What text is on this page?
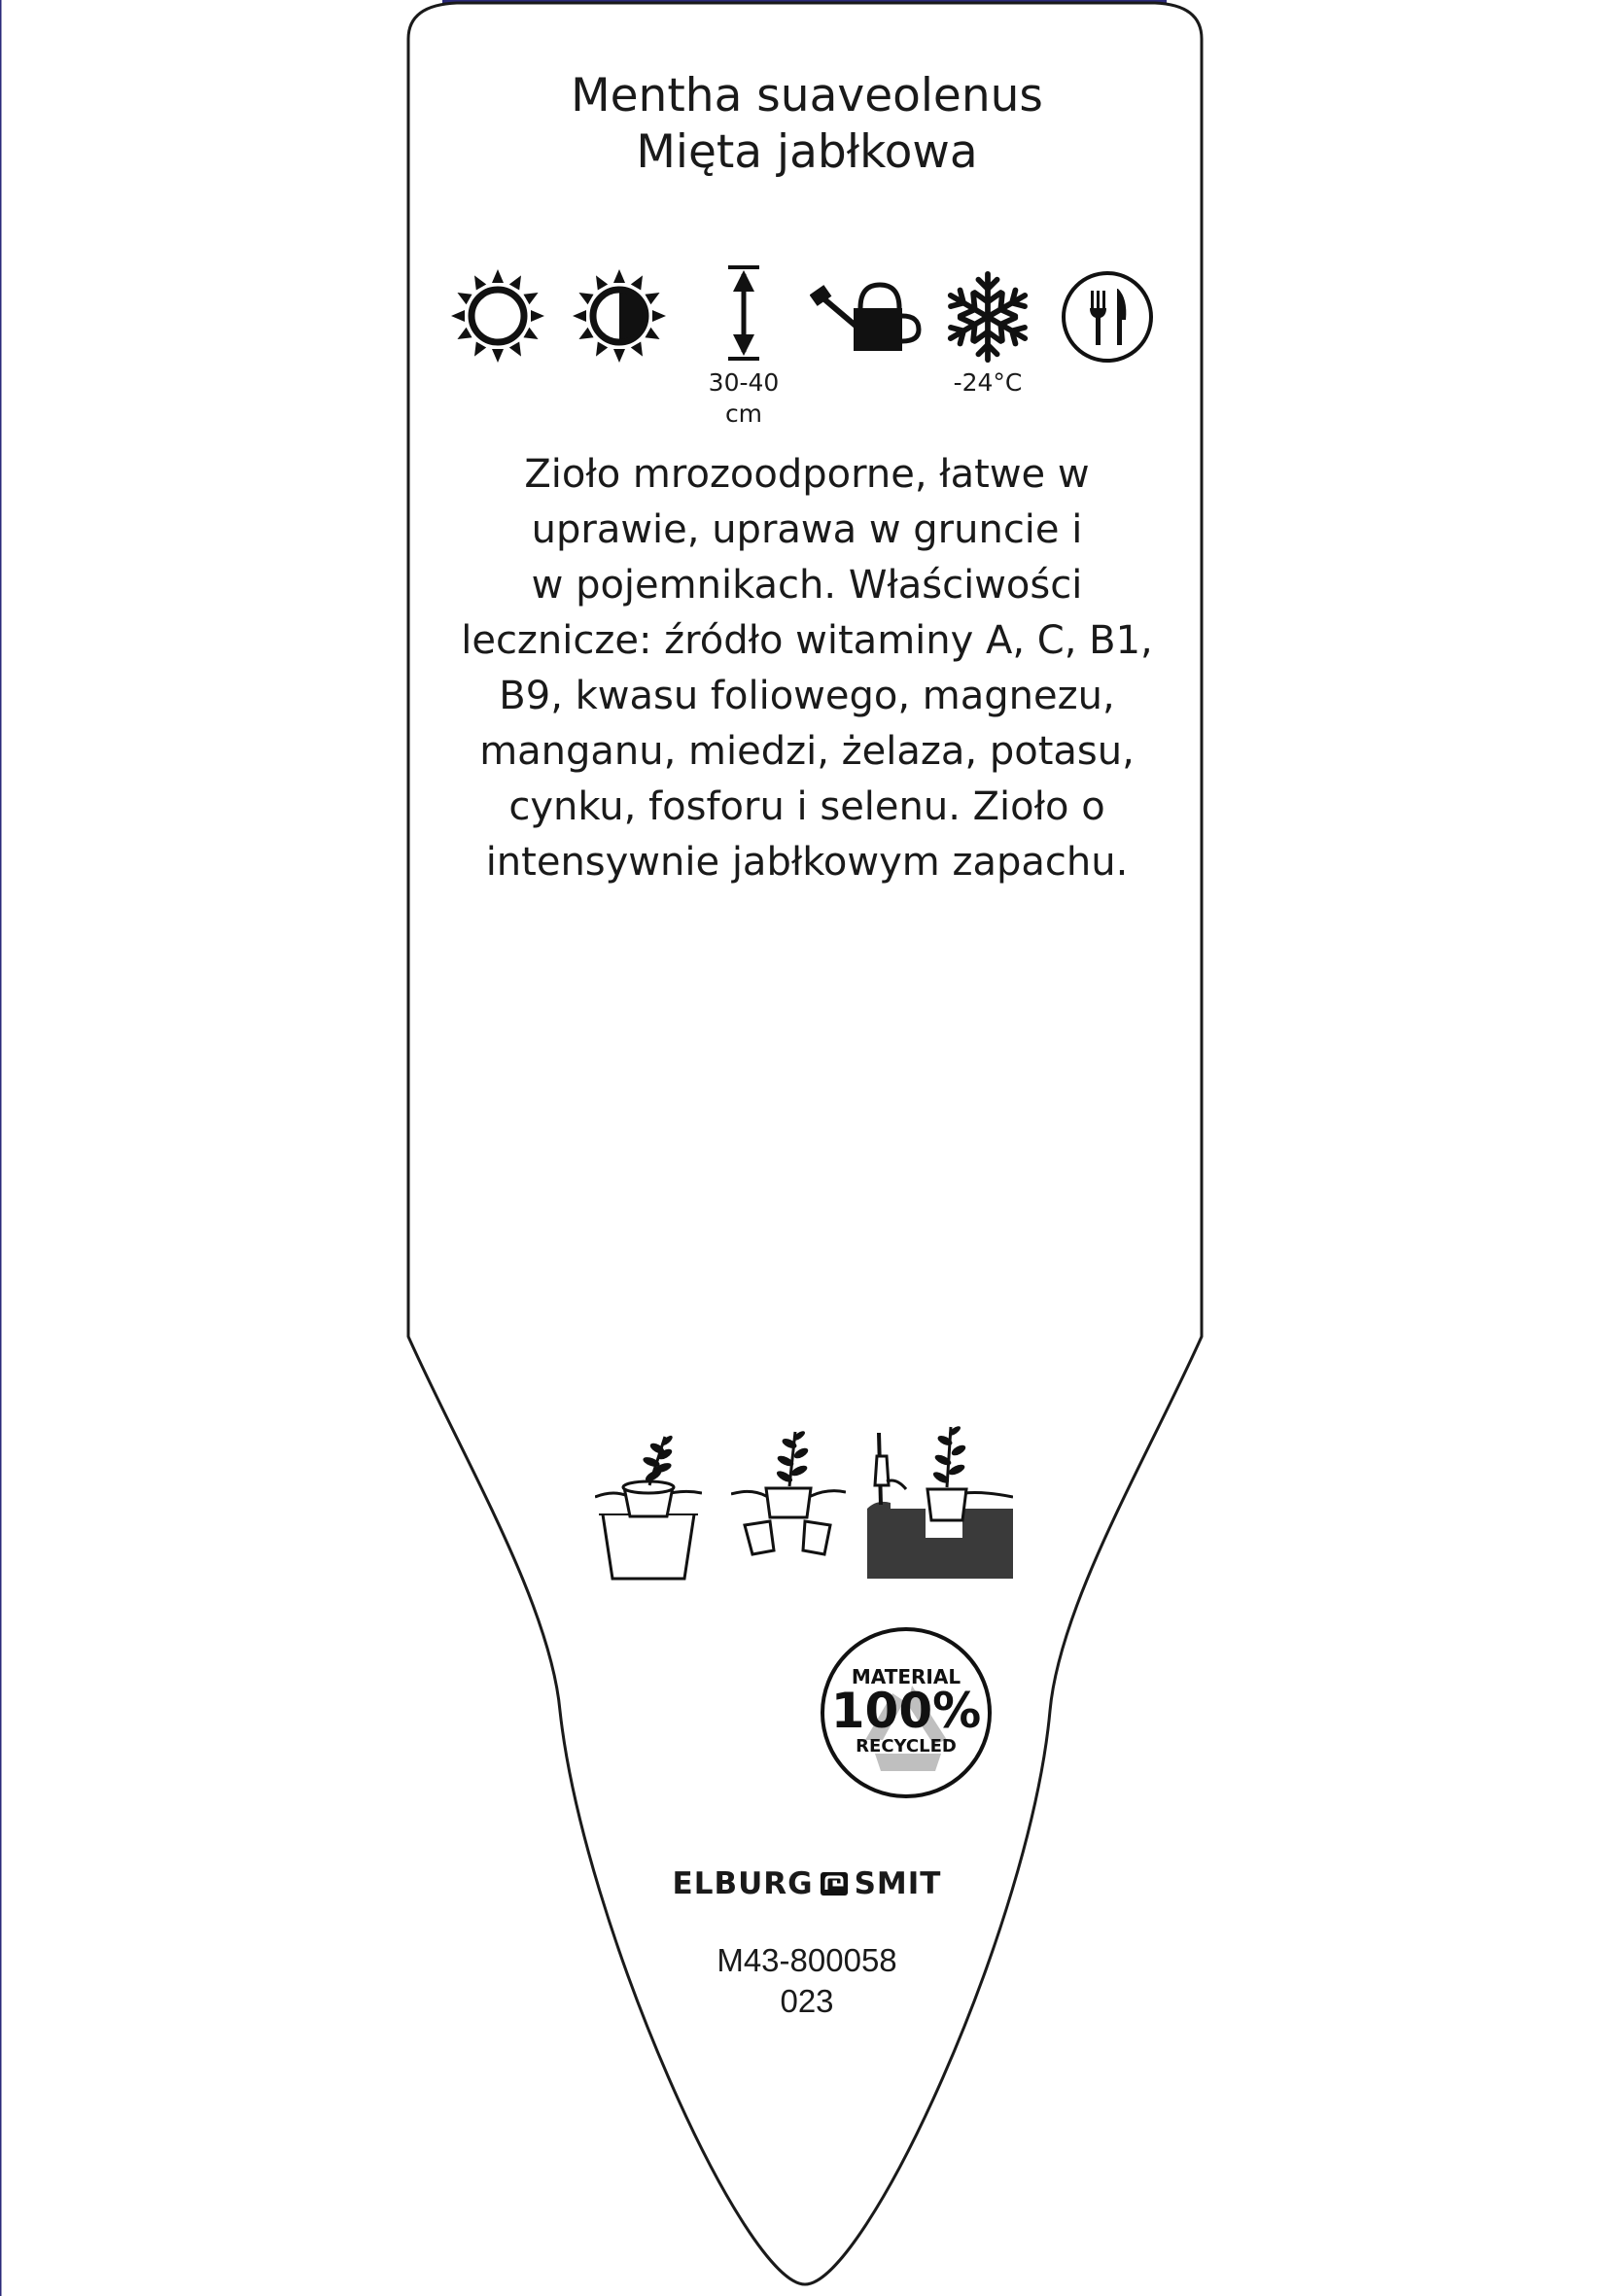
Mentha suaveolenus
Mięta jabłkowa
30-40
cm
-24°C

Zioło mrozoodporne, łatwe w
uprawie, uprawa w gruncie i
w pojemnikach. Właściwości
lecznicze: źródło witaminy A, C, B1,
B9, kwasu foliowego, magnezu,
manganu, miedzi, żelaza, potasu,
cynku, fosforu i selenu. Zioło o
intensywnie jabłkowym zapachu.

MATERIAL
100%
RECYCLED
ELBURG SMIT
M43-800058
023
